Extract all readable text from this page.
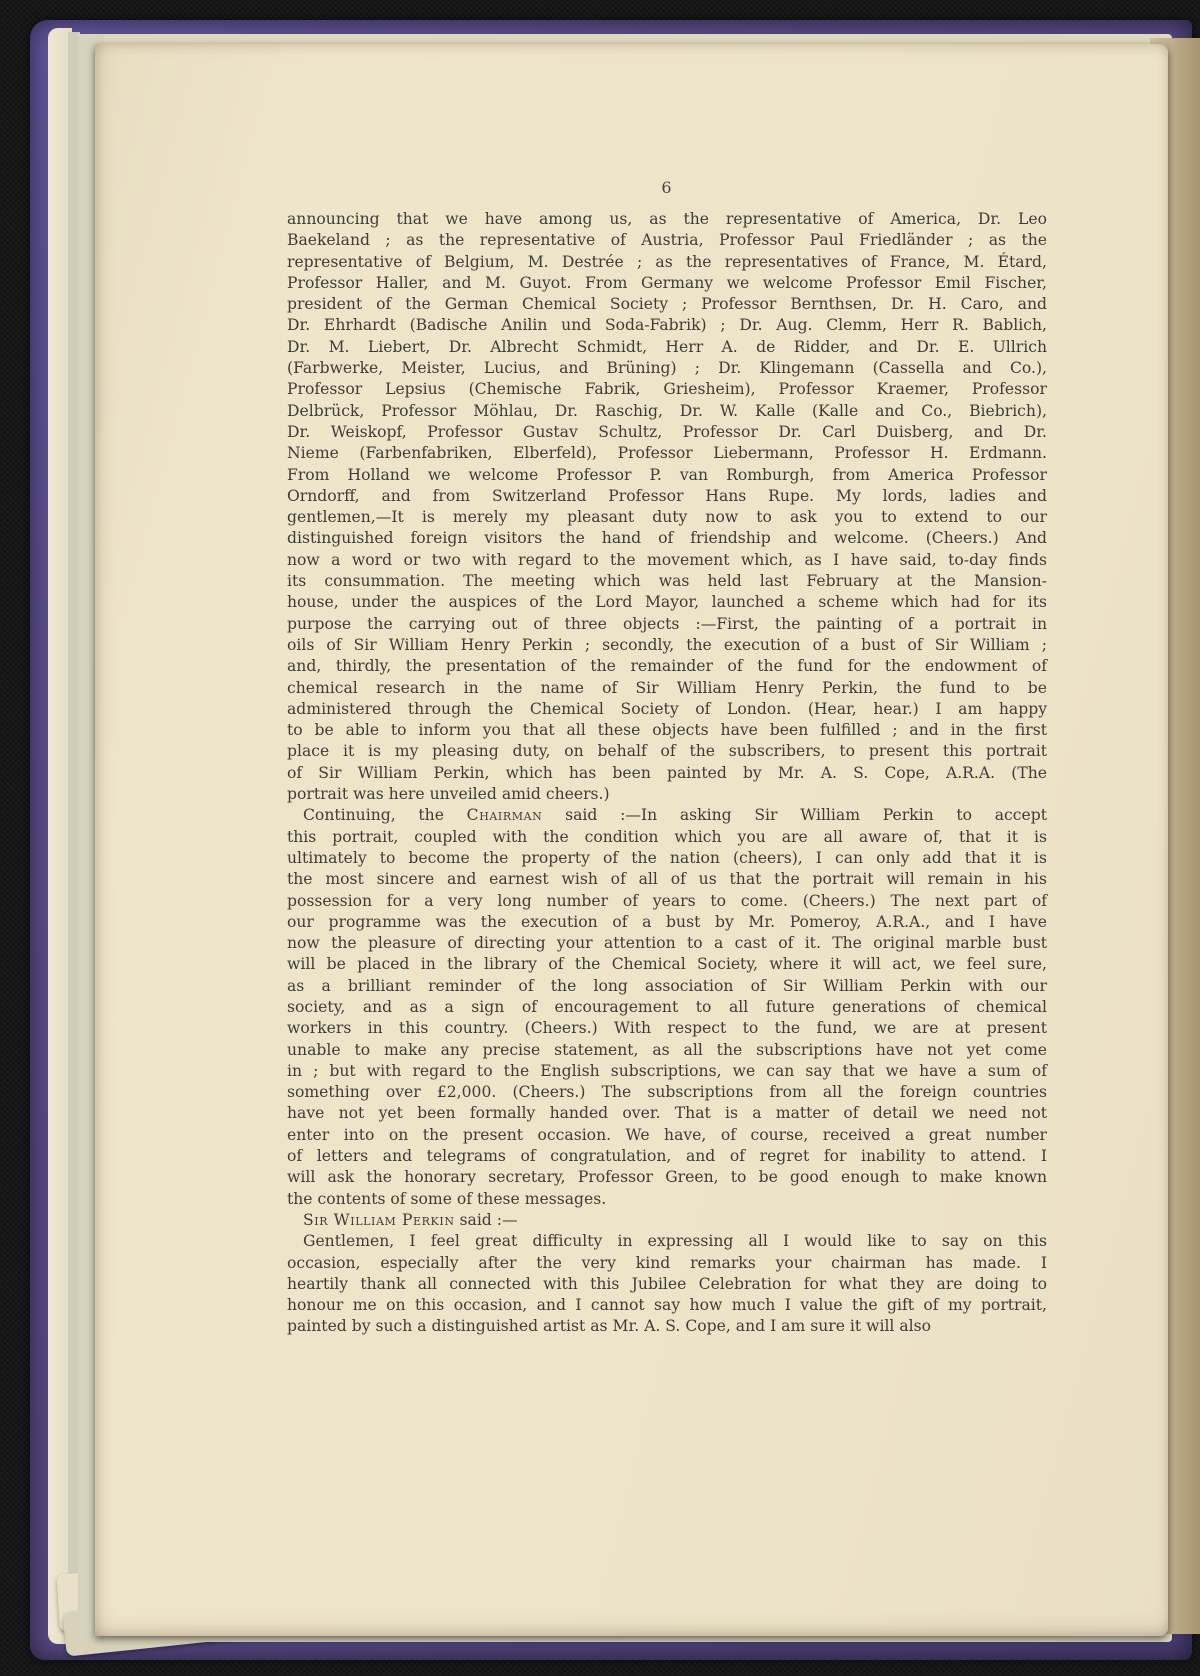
6
announcing that we have among us, as the representative of America, Dr. Leo
Baekeland ; as the representative of Austria, Professor Paul Friedländer ; as the
representative of Belgium, M. Destrée ; as the representatives of France, M. Étard,
Professor Haller, and M. Guyot. From Germany we welcome Professor Emil Fischer,
president of the German Chemical Society ; Professor Bernthsen, Dr. H. Caro, and
Dr. Ehrhardt (Badische Anilin und Soda-Fabrik) ; Dr. Aug. Clemm, Herr R. Bablich,
Dr. M. Liebert, Dr. Albrecht Schmidt, Herr A. de Ridder, and Dr. E. Ullrich
(Farbwerke, Meister, Lucius, and Brüning) ; Dr. Klingemann (Cassella and Co.),
Professor Lepsius (Chemische Fabrik, Griesheim), Professor Kraemer, Professor
Delbrück, Professor Möhlau, Dr. Raschig, Dr. W. Kalle (Kalle and Co., Biebrich),
Dr. Weiskopf, Professor Gustav Schultz, Professor Dr. Carl Duisberg, and Dr.
Nieme (Farbenfabriken, Elberfeld), Professor Liebermann, Professor H. Erdmann.
From Holland we welcome Professor P. van Romburgh, from America Professor
Orndorff, and from Switzerland Professor Hans Rupe. My lords, ladies and
gentlemen,—It is merely my pleasant duty now to ask you to extend to our
distinguished foreign visitors the hand of friendship and welcome. (Cheers.) And
now a word or two with regard to the movement which, as I have said, to-day finds
its consummation. The meeting which was held last February at the Mansion-
house, under the auspices of the Lord Mayor, launched a scheme which had for its
purpose the carrying out of three objects :—First, the painting of a portrait in
oils of Sir William Henry Perkin ; secondly, the execution of a bust of Sir William ;
and, thirdly, the presentation of the remainder of the fund for the endowment of
chemical research in the name of Sir William Henry Perkin, the fund to be
administered through the Chemical Society of London. (Hear, hear.) I am happy
to be able to inform you that all these objects have been fulfilled ; and in the first
place it is my pleasing duty, on behalf of the subscribers, to present this portrait
of Sir William Perkin, which has been painted by Mr. A. S. Cope, A.R.A. (The
portrait was here unveiled amid cheers.)
Continuing, the Chairman said :—In asking Sir William Perkin to accept
this portrait, coupled with the condition which you are all aware of, that it is
ultimately to become the property of the nation (cheers), I can only add that it is
the most sincere and earnest wish of all of us that the portrait will remain in his
possession for a very long number of years to come. (Cheers.) The next part of
our programme was the execution of a bust by Mr. Pomeroy, A.R.A., and I have
now the pleasure of directing your attention to a cast of it. The original marble bust
will be placed in the library of the Chemical Society, where it will act, we feel sure,
as a brilliant reminder of the long association of Sir William Perkin with our
society, and as a sign of encouragement to all future generations of chemical
workers in this country. (Cheers.) With respect to the fund, we are at present
unable to make any precise statement, as all the subscriptions have not yet come
in ; but with regard to the English subscriptions, we can say that we have a sum of
something over £2,000. (Cheers.) The subscriptions from all the foreign countries
have not yet been formally handed over. That is a matter of detail we need not
enter into on the present occasion. We have, of course, received a great number
of letters and telegrams of congratulation, and of regret for inability to attend. I
will ask the honorary secretary, Professor Green, to be good enough to make known
the contents of some of these messages.
Sir William Perkin said :—
Gentlemen, I feel great difficulty in expressing all I would like to say on this
occasion, especially after the very kind remarks your chairman has made. I
heartily thank all connected with this Jubilee Celebration for what they are doing to
honour me on this occasion, and I cannot say how much I value the gift of my portrait,
painted by such a distinguished artist as Mr. A. S. Cope, and I am sure it will also
